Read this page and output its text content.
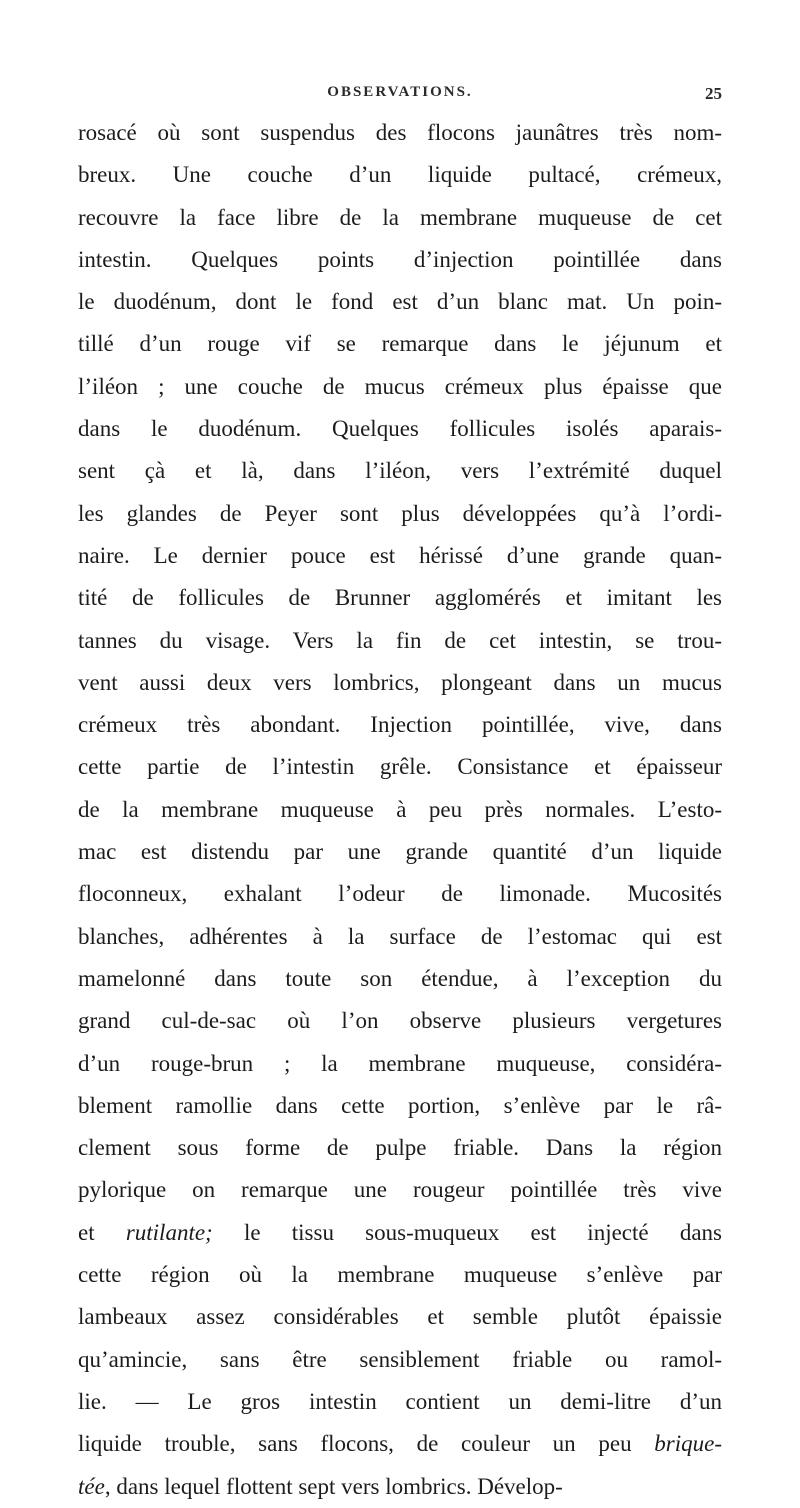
OBSERVATIONS.	25
rosacé où sont suspendus des flocons jaunâtres très nom-
breux. Une couche d’un liquide pultacé, crémeux,
recouvre la face libre de la membrane muqueuse de cet
intestin. Quelques points d’injection pointillée dans
le duodénum, dont le fond est d’un blanc mat. Un poin-
tillé d’un rouge vif se remarque dans le jéjunum et
l’iléon ; une couche de mucus crémeux plus épaisse que
dans le duodénum. Quelques follicules isolés aparais-
sent çà et là, dans l’iléon, vers l’extrémité duquel
les glandes de Peyer sont plus développées qu’à l’ordi-
naire. Le dernier pouce est hérissé d’une grande quan-
tité de follicules de Brunner agglomérés et imitant les
tannes du visage. Vers la fin de cet intestin, se trou-
vent aussi deux vers lombrics, plongeant dans un mucus
crémeux très abondant. Injection pointillée, vive, dans
cette partie de l’intestin grêle. Consistance et épaisseur
de la membrane muqueuse à peu près normales. L’esto-
mac est distendu par une grande quantité d’un liquide
floconneux, exhalant l’odeur de limonade. Mucosités
blanches, adhérentes à la surface de l’estomac qui est
mamelonné dans toute son étendue, à l’exception du
grand cul-de-sac où l’on observe plusieurs vergetures
d’un rouge-brun ; la membrane muqueuse, considéra-
blement ramollie dans cette portion, s’enlève par le râ-
clement sous forme de pulpe friable. Dans la région
pylorique on remarque une rougeur pointillée très vive
et rutilante; le tissu sous-muqueux est injecté dans
cette région où la membrane muqueuse s’enlève par
lambeaux assez considérables et semble plutôt épaissie
qu’amincie, sans être sensiblement friable ou ramol-
lie. — Le gros intestin contient un demi-litre d’un
liquide trouble, sans flocons, de couleur un peu brique-
tée, dans lequel flottent sept vers lombrics. Dévelop-
